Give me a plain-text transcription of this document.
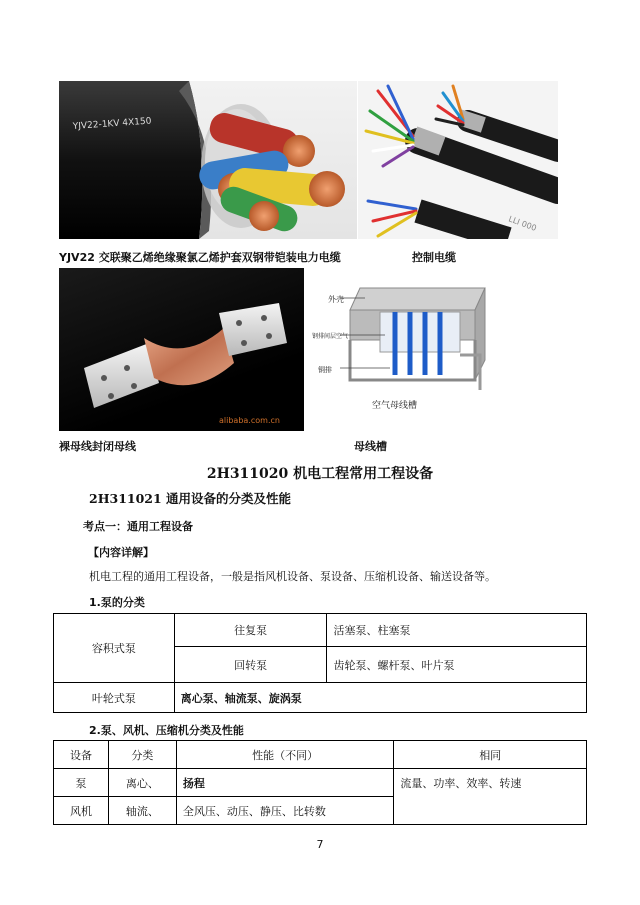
YJV22-1KV 4X150
YJV22 交联聚乙烯绝缘聚氯乙烯护套双钢带铠装电力电缆
LLI 000
控制电缆
alibaba.com.cn
裸母线封闭母线
外壳
钢排间层空气
铜排
空气母线槽
母线槽
2H311020 机电工程常用工程设备
2H311021 通用设备的分类及性能
考点一：通用工程设备
【内容详解】
机电工程的通用工程设备，一般是指风机设备、泵设备、压缩机设备、输送设备等。
1.泵的分类
容积式泵	往复泵	活塞泵、柱塞泵
	回转泵	齿轮泵、螺杆泵、叶片泵
叶轮式泵	离心泵、轴流泵、旋涡泵	
2.泵、风机、压缩机分类及性能
设备	分类	性能（不同）	相同
泵	离心、	扬程	流量、功率、效率、转速
风机	轴流、	全风压、动压、静压、比转数	
7
